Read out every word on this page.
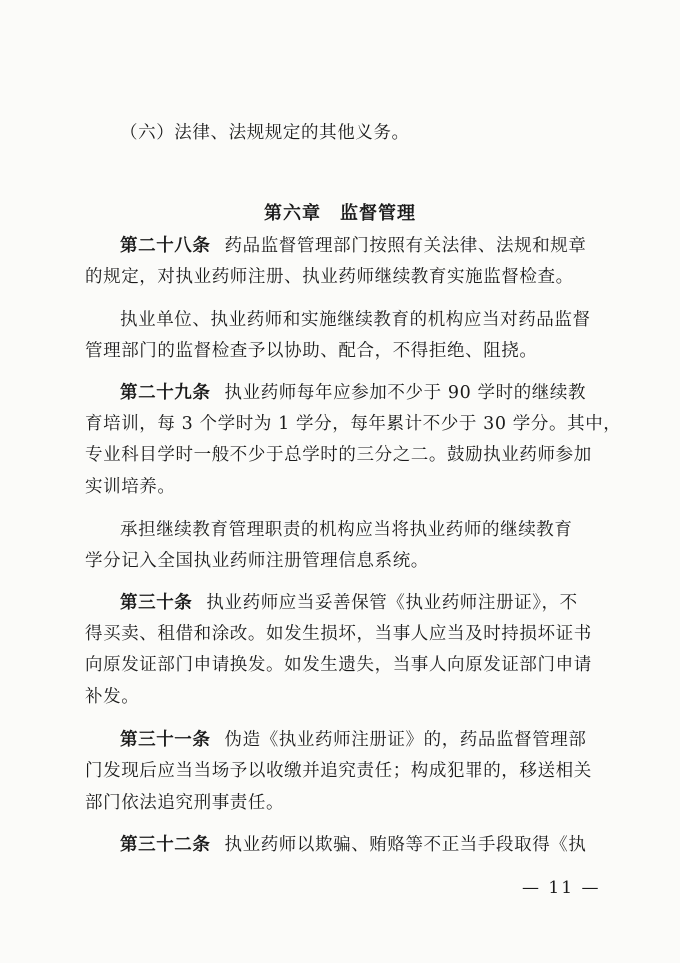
（六）法律、法规规定的其他义务。
第六章　监督管理
第二十八条 药品监督管理部门按照有关法律、法规和规章
的规定，对执业药师注册、执业药师继续教育实施监督检查。
执业单位、执业药师和实施继续教育的机构应当对药品监督
管理部门的监督检查予以协助、配合，不得拒绝、阻挠。
第二十九条 执业药师每年应参加不少于 90 学时的继续教
育培训，每 3 个学时为 1 学分，每年累计不少于 30 学分。其中，
专业科目学时一般不少于总学时的三分之二。鼓励执业药师参加
实训培养。
承担继续教育管理职责的机构应当将执业药师的继续教育
学分记入全国执业药师注册管理信息系统。
第三十条 执业药师应当妥善保管《执业药师注册证》，不
得买卖、租借和涂改。如发生损坏，当事人应当及时持损坏证书
向原发证部门申请换发。如发生遗失，当事人向原发证部门申请
补发。
第三十一条 伪造《执业药师注册证》的，药品监督管理部
门发现后应当当场予以收缴并追究责任；构成犯罪的，移送相关
部门依法追究刑事责任。
第三十二条 执业药师以欺骗、贿赂等不正当手段取得《执
— 11 —
